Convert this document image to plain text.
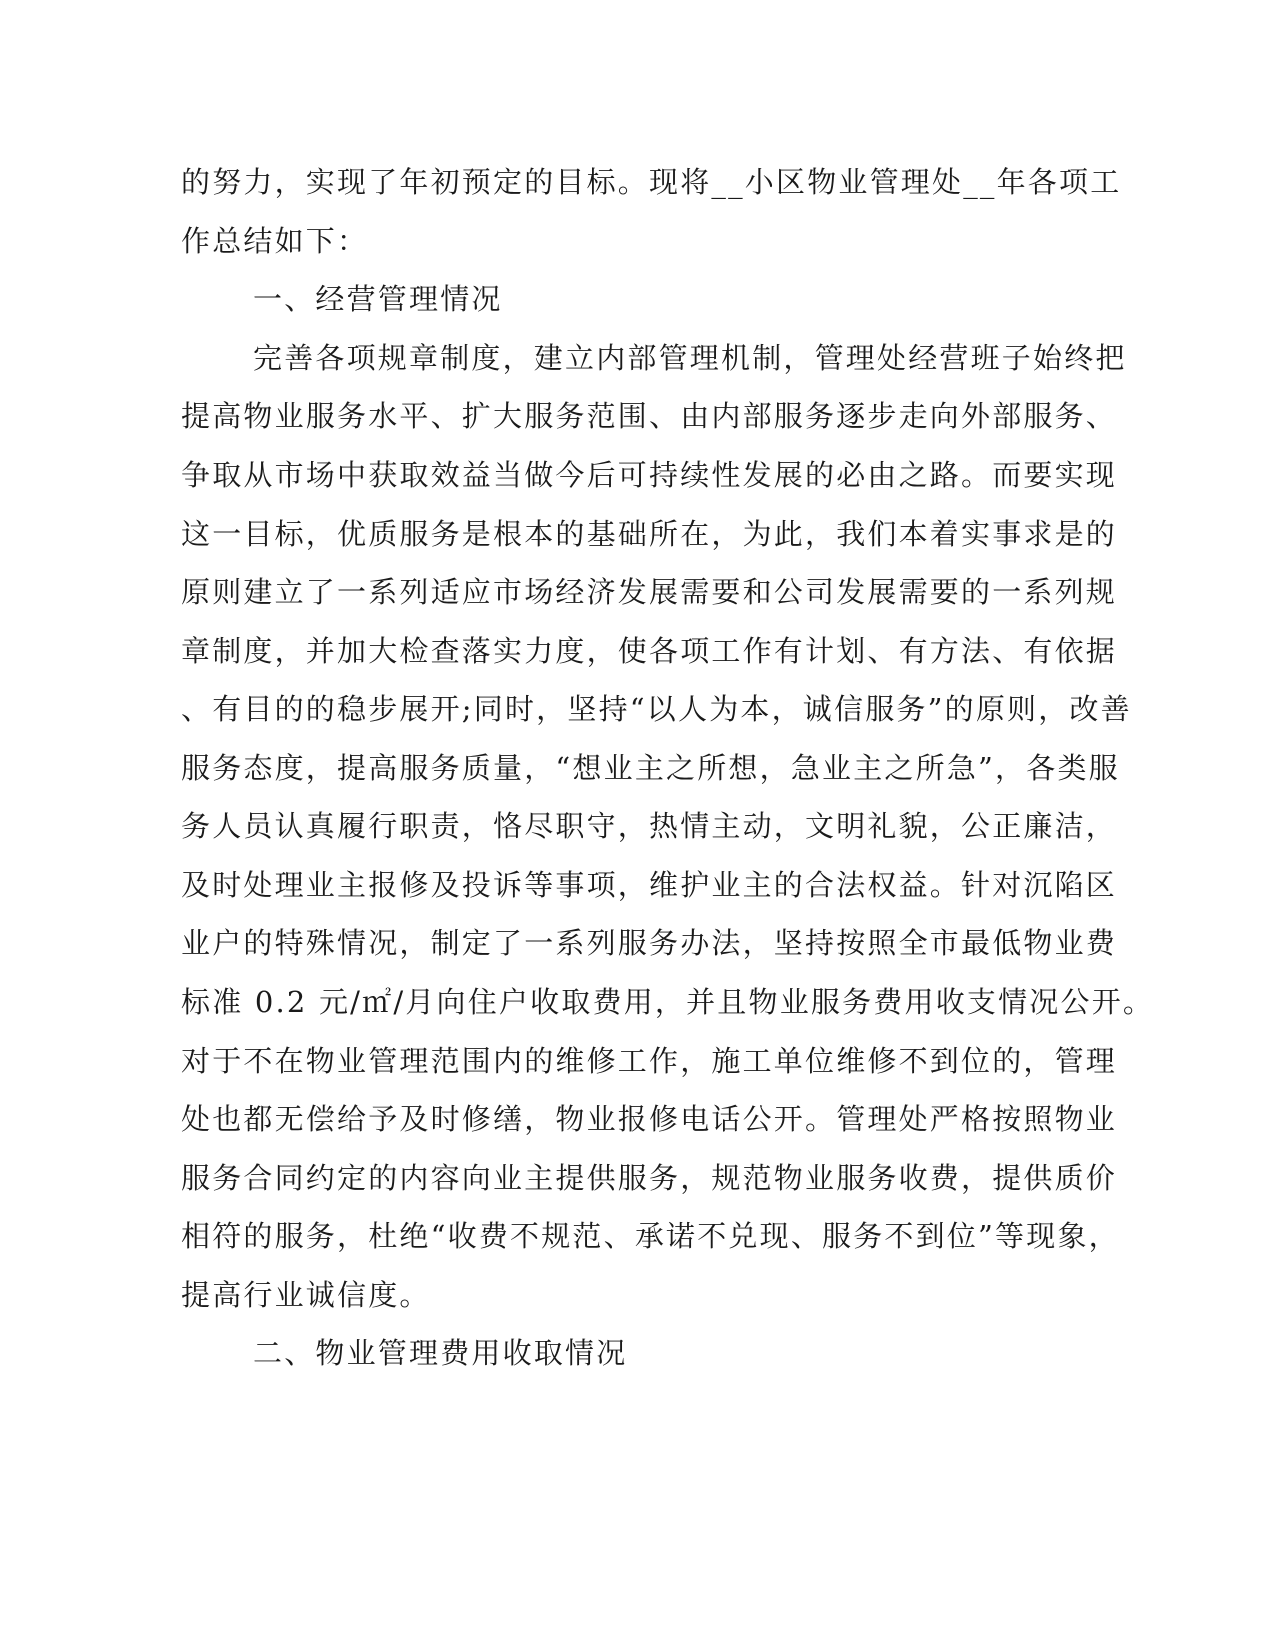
的努力，实现了年初预定的目标。现将__小区物业管理处__年各项工
作总结如下：
一、经营管理情况
完善各项规章制度，建立内部管理机制，管理处经营班子始终把
提高物业服务水平、扩大服务范围、由内部服务逐步走向外部服务、
争取从市场中获取效益当做今后可持续性发展的必由之路。而要实现
这一目标，优质服务是根本的基础所在，为此，我们本着实事求是的
原则建立了一系列适应市场经济发展需要和公司发展需要的一系列规
章制度，并加大检查落实力度，使各项工作有计划、有方法、有依据
、有目的的稳步展开;同时，坚持“以人为本，诚信服务”的原则，改善
服务态度，提高服务质量，“想业主之所想，急业主之所急”，各类服
务人员认真履行职责，恪尽职守，热情主动，文明礼貌，公正廉洁，
及时处理业主报修及投诉等事项，维护业主的合法权益。针对沉陷区
业户的特殊情况，制定了一系列服务办法，坚持按照全市最低物业费
标准 0.2 元/㎡/月向住户收取费用，并且物业服务费用收支情况公开。
对于不在物业管理范围内的维修工作，施工单位维修不到位的，管理
处也都无偿给予及时修缮，物业报修电话公开。管理处严格按照物业
服务合同约定的内容向业主提供服务，规范物业服务收费，提供质价
相符的服务，杜绝“收费不规范、承诺不兑现、服务不到位”等现象，
提高行业诚信度。
二、物业管理费用收取情况
